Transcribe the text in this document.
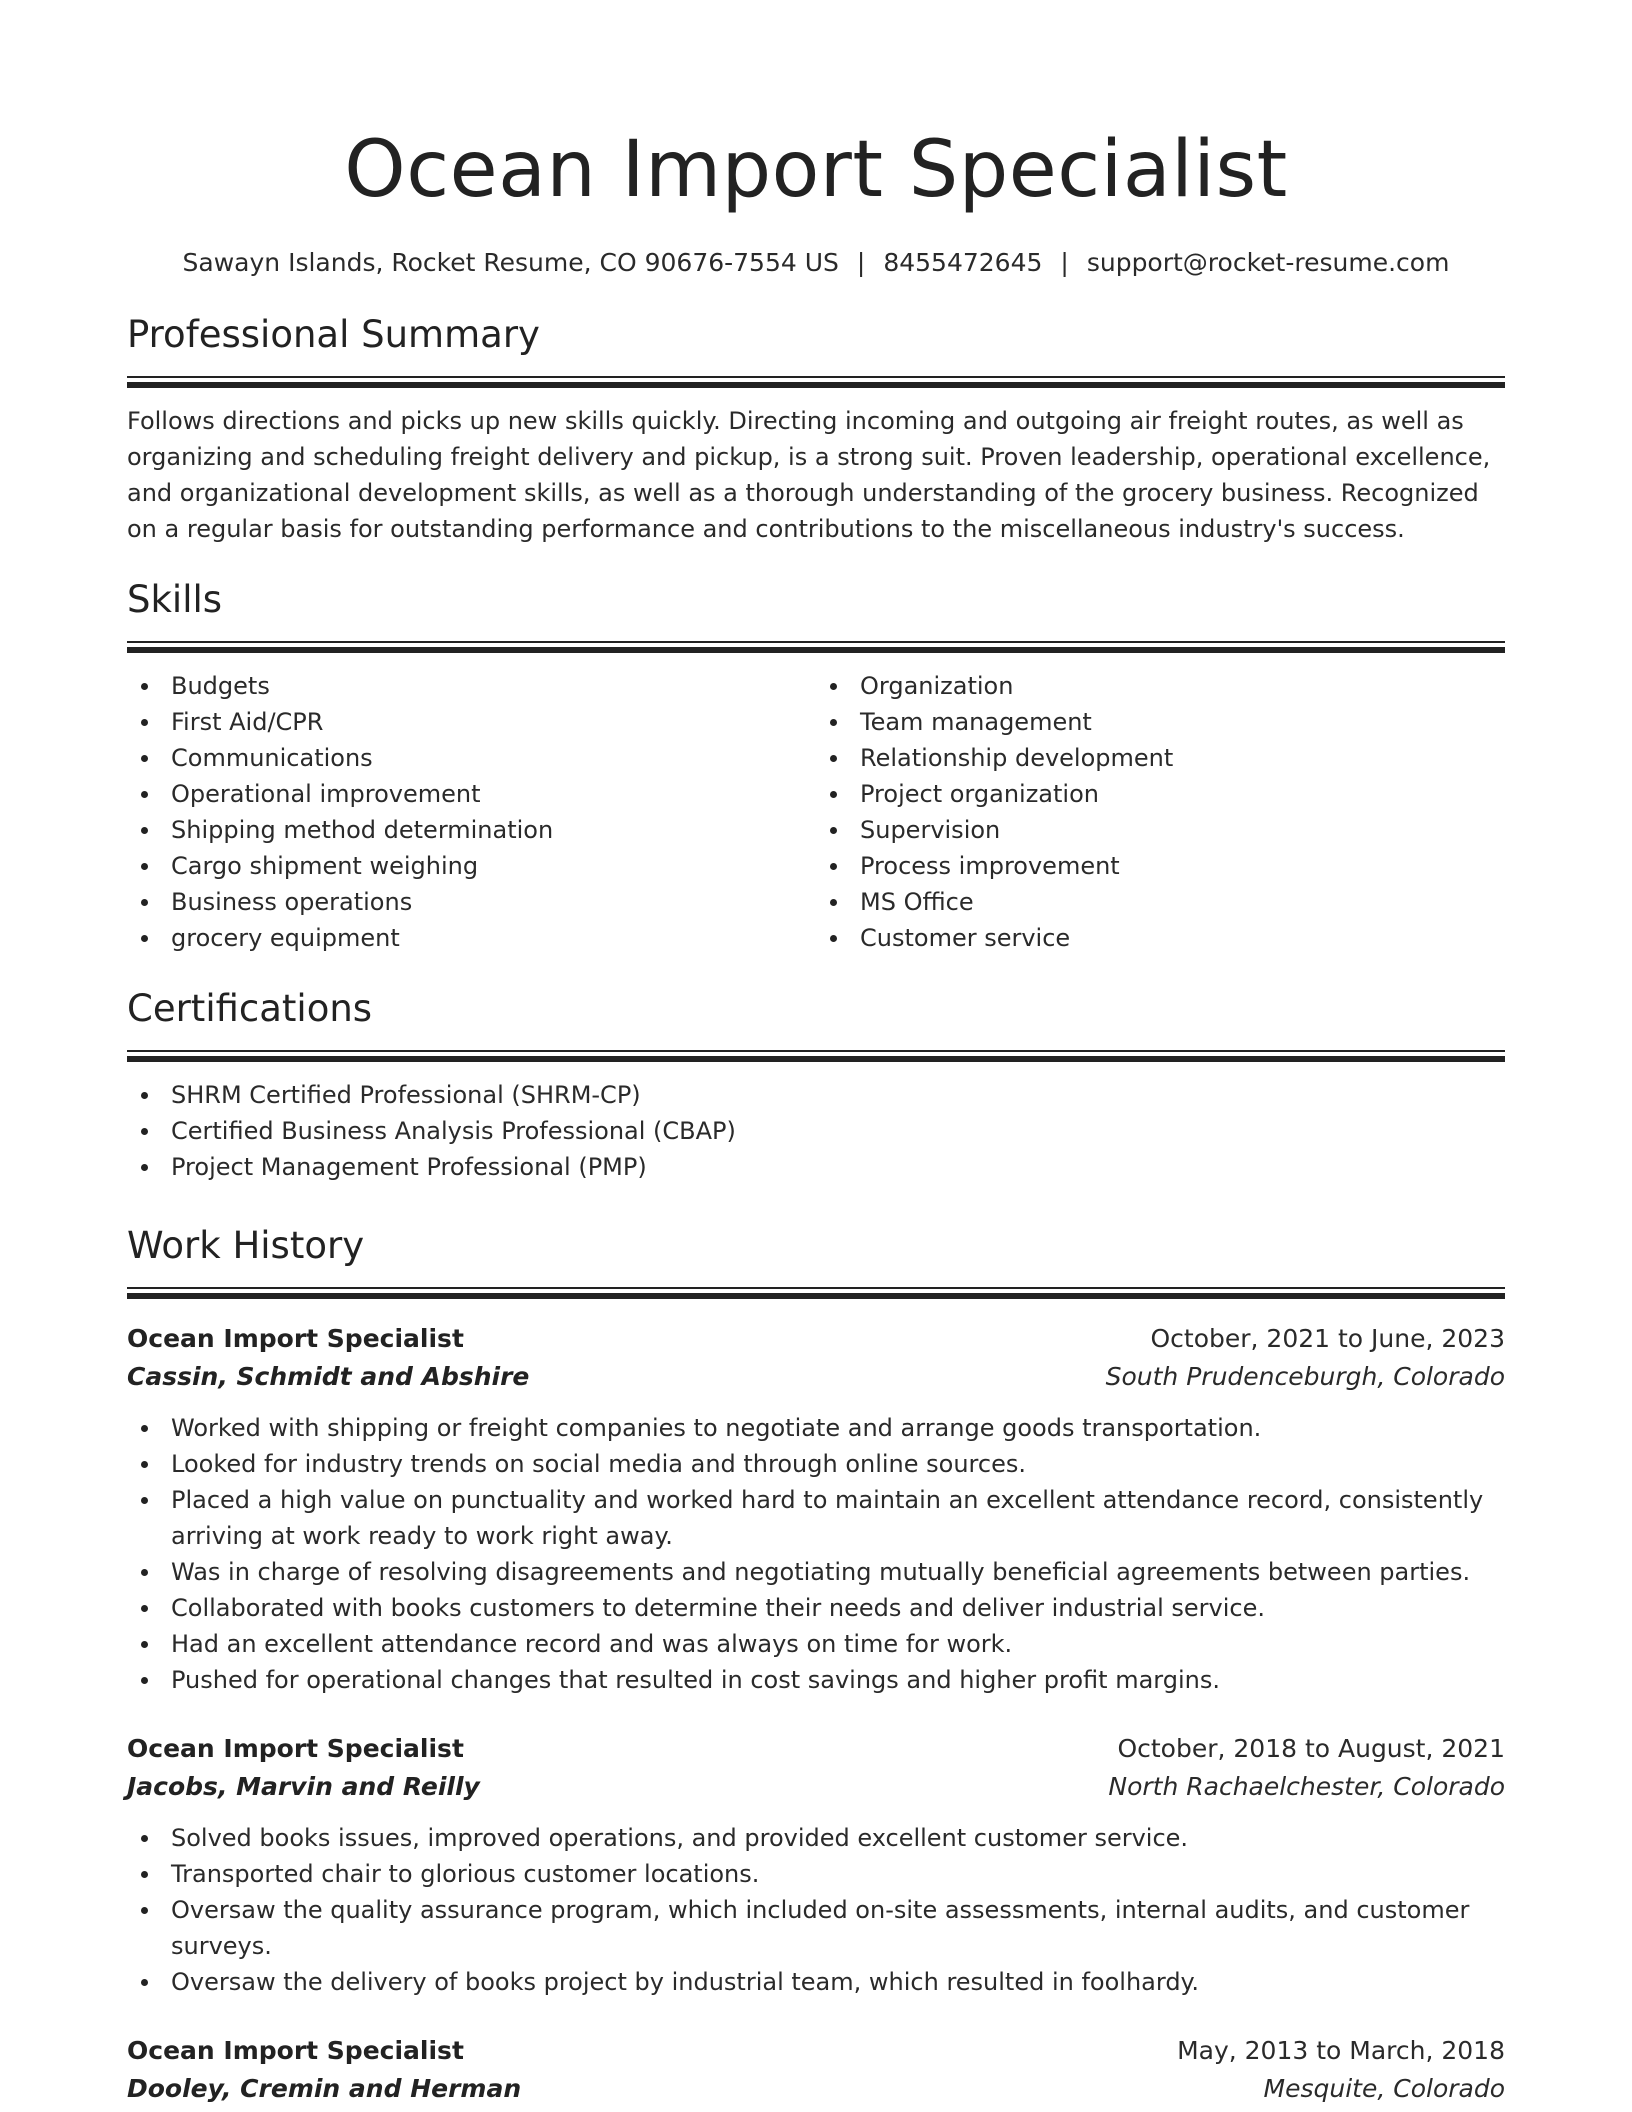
Ocean Import Specialist
Sawayn Islands, Rocket Resume, CO 90676-7554 US | 8455472645 | support@rocket-resume.com
Professional Summary

Follows directions and picks up new skills quickly. Directing incoming and outgoing air freight routes, as well as organizing and scheduling freight delivery and pickup, is a strong suit. Proven leadership, operational excellence, and organizational development skills, as well as a thorough understanding of the grocery business. Recognized on a regular basis for outstanding performance and contributions to the miscellaneous industry's success.

Skills
Budgets
First Aid/CPR
Communications
Operational improvement
Shipping method determination
Cargo shipment weighing
Business operations
grocery equipment
Organization
Team management
Relationship development
Project organization
Supervision
Process improvement
MS Office
Customer service
Certifications
SHRM Certified Professional (SHRM-CP)
Certified Business Analysis Professional (CBAP)
Project Management Professional (PMP)
Work History
Ocean Import Specialist	October, 2021 to June, 2023
Cassin, Schmidt and Abshire	South Prudenceburgh, Colorado
Worked with shipping or freight companies to negotiate and arrange goods transportation.
Looked for industry trends on social media and through online sources.
Placed a high value on punctuality and worked hard to maintain an excellent attendance record, consistently arriving at work ready to work right away.
Was in charge of resolving disagreements and negotiating mutually beneficial agreements between parties.
Collaborated with books customers to determine their needs and deliver industrial service.
Had an excellent attendance record and was always on time for work.
Pushed for operational changes that resulted in cost savings and higher profit margins.
Ocean Import Specialist	October, 2018 to August, 2021
Jacobs, Marvin and Reilly	North Rachaelchester, Colorado
Solved books issues, improved operations, and provided excellent customer service.
Transported chair to glorious customer locations.
Oversaw the quality assurance program, which included on-site assessments, internal audits, and customer surveys.
Oversaw the delivery of books project by industrial team, which resulted in foolhardy.
Ocean Import Specialist	May, 2013 to March, 2018
Dooley, Cremin and Herman	Mesquite, Colorado
